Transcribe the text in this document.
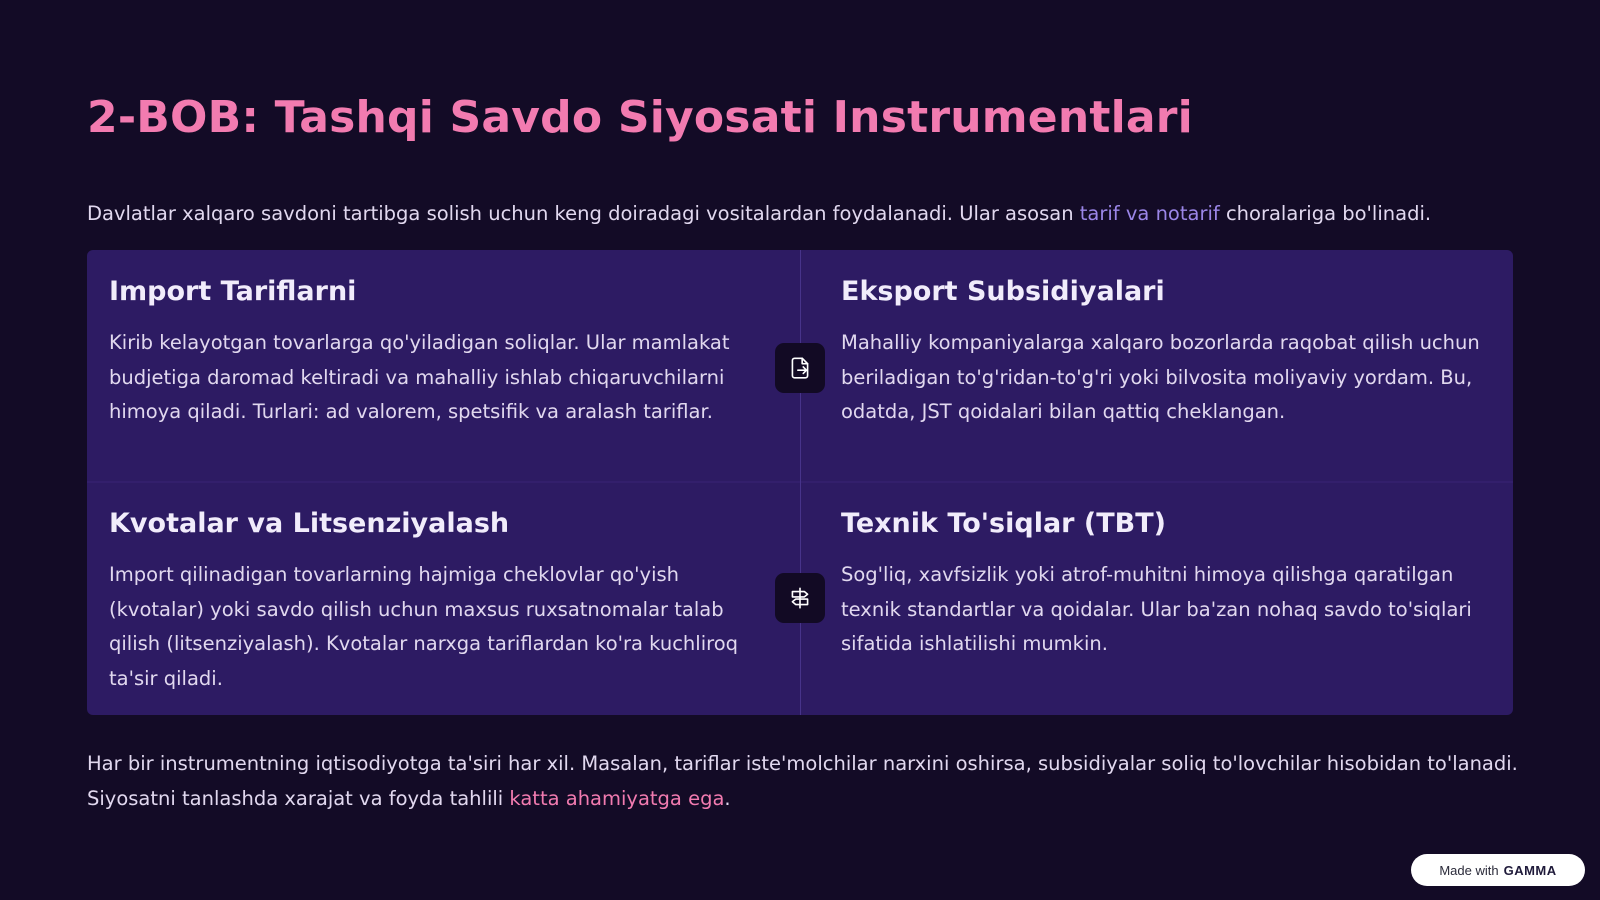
2-BOB: Tashqi Savdo Siyosati Instrumentlari

Davlatlar xalqaro savdoni tartibga solish uchun keng doiradagi vositalardan foydalanadi. Ular asosan tarif va notarif choralariga bo'linadi.

Import Tariflarni

Kirib kelayotgan tovarlarga qo'yiladigan soliqlar. Ular mamlakat budjetiga daromad keltiradi va mahalliy ishlab chiqaruvchilarni himoya qiladi. Turlari: ad valorem, spetsifik va aralash tariflar.

Eksport Subsidiyalari

Mahalliy kompaniyalarga xalqaro bozorlarda raqobat qilish uchun beriladigan to'g'ridan-to'g'ri yoki bilvosita moliyaviy yordam. Bu, odatda, JST qoidalari bilan qattiq cheklangan.

Kvotalar va Litsenziyalash

Import qilinadigan tovarlarning hajmiga cheklovlar qo'yish (kvotalar) yoki savdo qilish uchun maxsus ruxsatnomalar talab qilish (litsenziyalash). Kvotalar narxga tariflardan ko'ra kuchliroq ta'sir qiladi.

Texnik To'siqlar (TBT)

Sog'liq, xavfsizlik yoki atrof-muhitni himoya qilishga qaratilgan texnik standartlar va qoidalar. Ular ba'zan nohaq savdo to'siqlari sifatida ishlatilishi mumkin.

Har bir instrumentning iqtisodiyotga ta'siri har xil. Masalan, tariflar iste'molchilar narxini oshirsa, subsidiyalar soliq to'lovchilar hisobidan to'lanadi. Siyosatni tanlashda xarajat va foyda tahlili katta ahamiyatga ega.

Made with GAMMA
